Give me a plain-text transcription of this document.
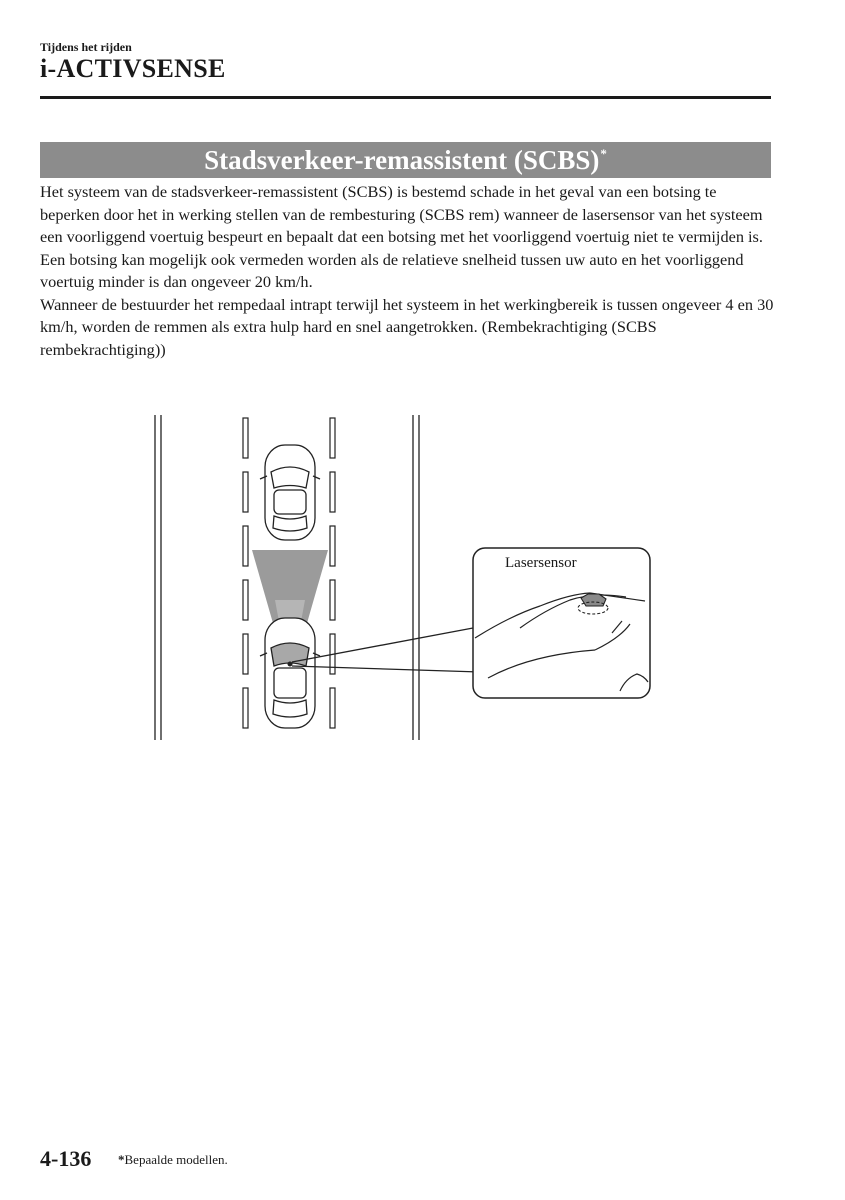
Tijdens het rijden
i-ACTIVSENSE
Stadsverkeer-remassistent (SCBS)*

Het systeem van de stadsverkeer-remassistent (SCBS) is bestemd schade in het geval van een botsing te beperken door het in werking stellen van de rembesturing (SCBS rem) wanneer de lasersensor van het systeem een voorliggend voertuig bespeurt en bepaalt dat een botsing met het voorliggend voertuig niet te vermijden is. Een botsing kan mogelijk ook vermeden worden als de relatieve snelheid tussen uw auto en het voorliggend voertuig minder is dan ongeveer 20 km/h.

Wanneer de bestuurder het rempedaal intrapt terwijl het systeem in het werkingbereik is tussen ongeveer 4 en 30 km/h, worden de remmen als extra hulp hard en snel aangetrokken. (Rembekrachtiging (SCBS rembekrachtiging))

Lasersensor
4-136 *Bepaalde modellen.
